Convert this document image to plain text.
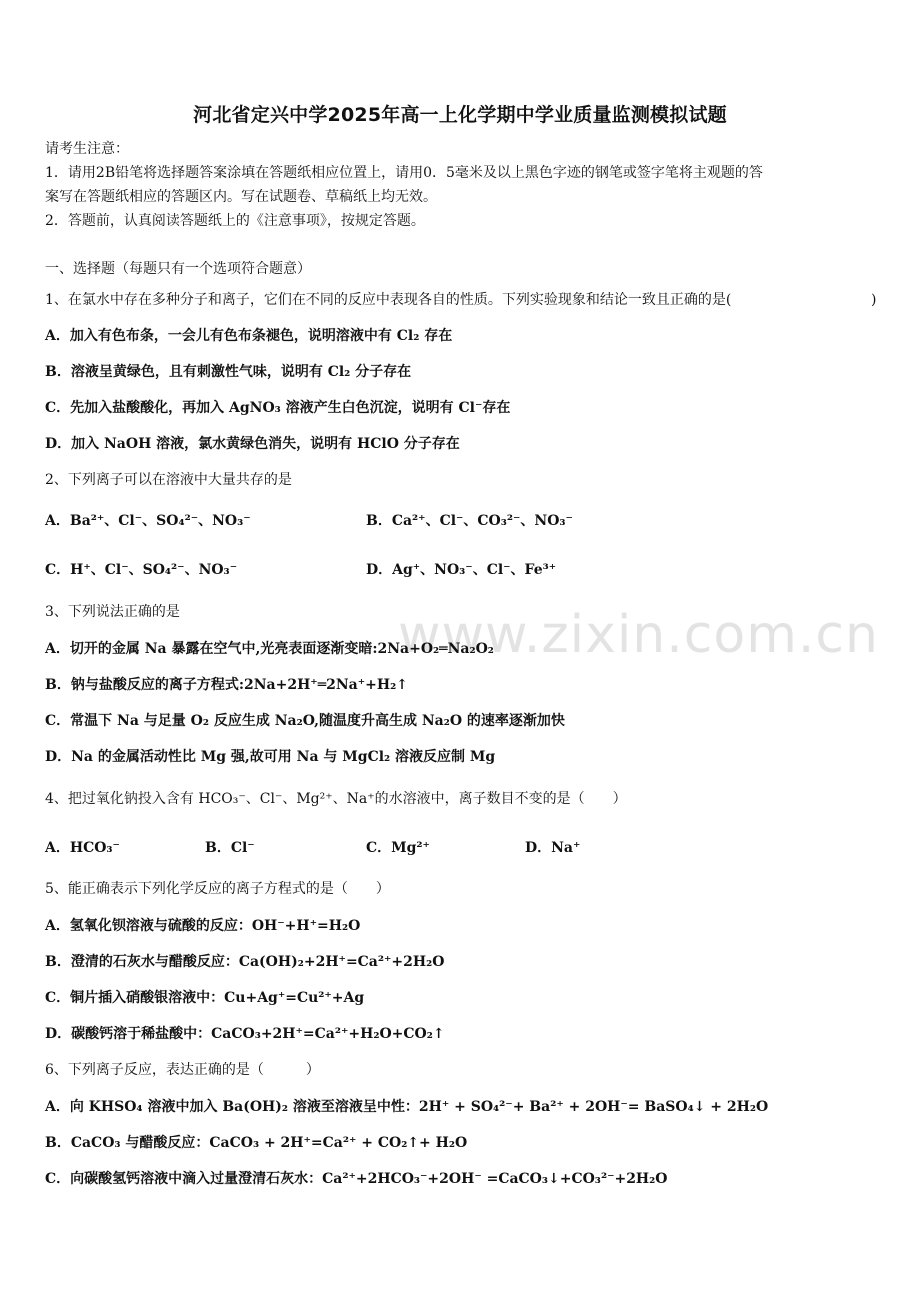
www.zixin.com.cn
河北省定兴中学2025年高一上化学期中学业质量监测模拟试题
请考生注意：
1．请用2B铅笔将选择题答案涂填在答题纸相应位置上，请用0．5毫米及以上黑色字迹的钢笔或签字笔将主观题的答
案写在答题纸相应的答题区内。写在试题卷、草稿纸上均无效。
2．答题前，认真阅读答题纸上的《注意事项》，按规定答题。
一、选择题（每题只有一个选项符合题意）
1、在氯水中存在多种分子和离子，它们在不同的反应中表现各自的性质。下列实验现象和结论一致且正确的是(	)
A．加入有色布条，一会儿有色布条褪色，说明溶液中有 Cl₂ 存在
B．溶液呈黄绿色，且有刺激性气味，说明有 Cl₂ 分子存在
C．先加入盐酸酸化，再加入 AgNO₃ 溶液产生白色沉淀，说明有 Cl⁻存在
D．加入 NaOH 溶液，氯水黄绿色消失，说明有 HClO 分子存在
2、下列离子可以在溶液中大量共存的是
A．Ba²⁺、Cl⁻、SO₄²⁻、NO₃⁻	B．Ca²⁺、Cl⁻、CO₃²⁻、NO₃⁻
C．H⁺、Cl⁻、SO₄²⁻、NO₃⁻	D．Ag⁺、NO₃⁻、Cl⁻、Fe³⁺
3、下列说法正确的是
A．切开的金属 Na 暴露在空气中,光亮表面逐渐变暗:2Na+O₂═Na₂O₂
B．钠与盐酸反应的离子方程式:2Na+2H⁺═2Na⁺+H₂↑
C．常温下 Na 与足量 O₂ 反应生成 Na₂O,随温度升高生成 Na₂O 的速率逐渐加快
D．Na 的金属活动性比 Mg 强,故可用 Na 与 MgCl₂ 溶液反应制 Mg
4、把过氧化钠投入含有 HCO₃⁻、Cl⁻、Mg²⁺、Na⁺的水溶液中，离子数目不变的是（　　）
A．HCO₃⁻	B．Cl⁻	C．Mg²⁺	D．Na⁺
5、能正确表示下列化学反应的离子方程式的是（　　）
A．氢氧化钡溶液与硫酸的反应：OH⁻+H⁺=H₂O
B．澄清的石灰水与醋酸反应：Ca(OH)₂+2H⁺=Ca²⁺+2H₂O
C．铜片插入硝酸银溶液中：Cu+Ag⁺=Cu²⁺+Ag
D．碳酸钙溶于稀盐酸中：CaCO₃+2H⁺=Ca²⁺+H₂O+CO₂↑
6、下列离子反应，表达正确的是（　　　）
A．向 KHSO₄ 溶液中加入 Ba(OH)₂ 溶液至溶液呈中性：2H⁺ + SO₄²⁻+ Ba²⁺ + 2OH⁻= BaSO₄↓ + 2H₂O
B．CaCO₃ 与醋酸反应：CaCO₃ + 2H⁺=Ca²⁺ + CO₂↑+ H₂O
C．向碳酸氢钙溶液中滴入过量澄清石灰水：Ca²⁺+2HCO₃⁻+2OH⁻ =CaCO₃↓+CO₃²⁻+2H₂O
